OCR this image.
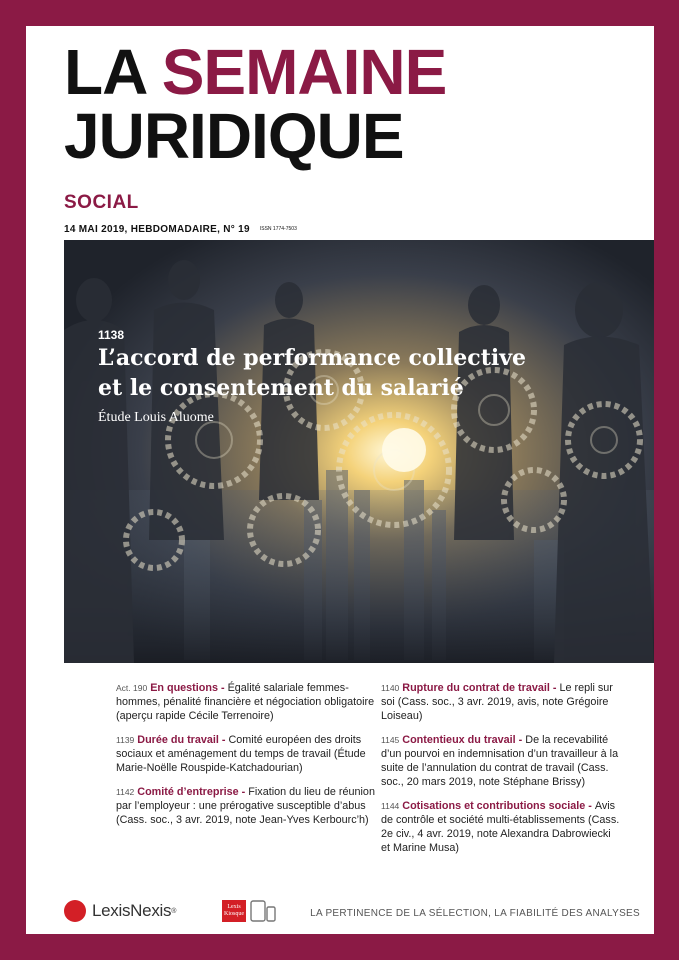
LA SEMAINE
JURIDIQUE
SOCIAL
14 MAI 2019, HEBDOMADAIRE, N° 19 ISSN 1774-7503
1138
L’accord de performance collective
et le consentement du salarié
Étude Louis Aluome
Act. 190 En questions - Égalité salariale femmes-hommes, pénalité financière et négociation obligatoire (aperçu rapide Cécile Terrenoire)
1139 Durée du travail - Comité européen des droits sociaux et aménagement du temps de travail (Étude Marie-Noëlle Rouspide-Katchadourian)
1142 Comité d’entreprise - Fixation du lieu de réunion par l’employeur : une prérogative susceptible d’abus (Cass. soc., 3 avr. 2019, note Jean-Yves Kerbourc’h)
1140 Rupture du contrat de travail - Le repli sur soi (Cass. soc., 3 avr. 2019, avis, note Grégoire Loiseau)
1145 Contentieux du travail - De la recevabilité d’un pourvoi en indemnisation d’un travailleur à la suite de l’annulation du contrat de travail (Cass. soc., 20 mars 2019, note Stéphane Brissy)
1144 Cotisations et contributions sociale - Avis de contrôle et société multi-établissements (Cass. 2e civ., 4 avr. 2019, note Alexandra Dabrowiecki et Marine Musa)
LexisNexis ®
Lexis
Kiosque	LA PERTINENCE DE LA SÉLECTION, LA FIABILITÉ DES ANALYSES
